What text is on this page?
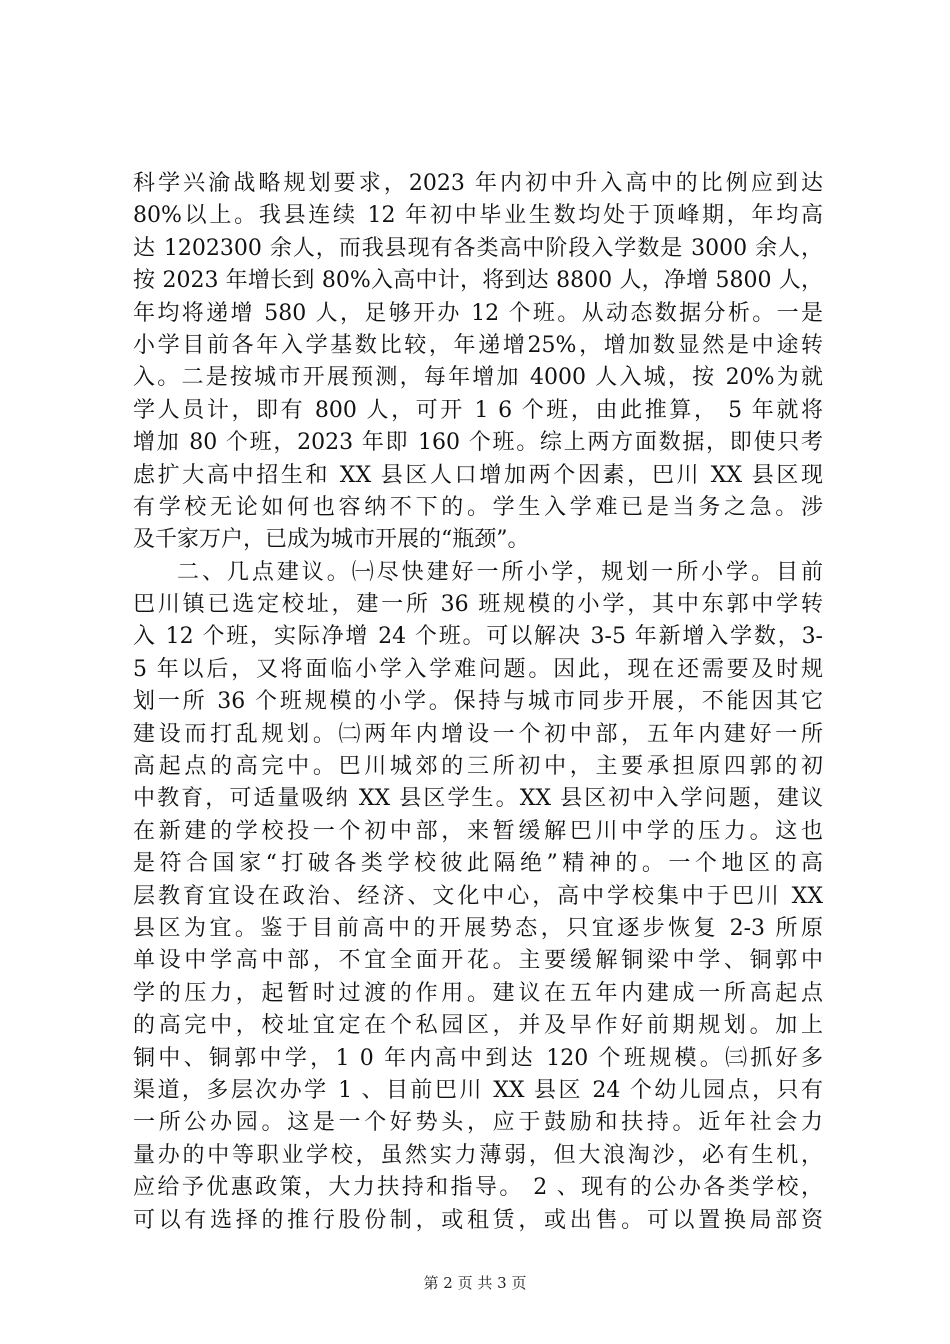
科学兴渝战略规划要求，2023 年内初中升入高中的比例应到达
80%以上。我县连续 12 年初中毕业生数均处于顶峰期，年均高
达 1202300 余人，而我县现有各类高中阶段入学数是 3000 余人，
按 2023 年增长到 80%入高中计，将到达 8800 人，净增 5800 人，
年均将递增 580 人，足够开办 12 个班。从动态数据分析。一是
小学目前各年入学基数比较，年递增25%，增加数显然是中途转
入。二是按城市开展预测，每年增加 4000 人入城，按 20%为就
学人员计，即有 800 人，可开 1 6 个班，由此推算， 5 年就将
增加 80 个班，2023 年即 160 个班。综上两方面数据，即使只考
虑扩大高中招生和 XX 县区人口增加两个因素，巴川 XX 县区现
有学校无论如何也容纳不下的。学生入学难已是当务之急。涉
及千家万户，已成为城市开展的“瓶颈”。
二、几点建议。㈠尽快建好一所小学，规划一所小学。目前
巴川镇已选定校址，建一所 36 班规模的小学，其中东郭中学转
入 12 个班，实际净增 24 个班。可以解决 3-5 年新增入学数，3-
5 年以后，又将面临小学入学难问题。因此，现在还需要及时规
划一所 36 个班规模的小学。保持与城市同步开展，不能因其它
建设而打乱规划。㈡两年内增设一个初中部，五年内建好一所
高起点的高完中。巴川城郊的三所初中，主要承担原四郭的初
中教育，可适量吸纳 XX 县区学生。XX 县区初中入学问题，建议
在新建的学校投一个初中部，来暂缓解巴川中学的压力。这也
是符合国家“打破各类学校彼此隔绝”精神的。一个地区的高
层教育宜设在政治、经济、文化中心，高中学校集中于巴川 XX
县区为宜。鉴于目前高中的开展势态，只宜逐步恢复 2-3 所原
单设中学高中部，不宜全面开花。主要缓解铜梁中学、铜郭中
学的压力，起暂时过渡的作用。建议在五年内建成一所高起点
的高完中，校址宜定在个私园区，并及早作好前期规划。加上
铜中、铜郭中学，1 0 年内高中到达 120 个班规模。㈢抓好多
渠道，多层次办学 1 、目前巴川 XX 县区 24 个幼儿园点，只有
一所公办园。这是一个好势头，应于鼓励和扶持。近年社会力
量办的中等职业学校，虽然实力薄弱，但大浪淘沙，必有生机，
应给予优惠政策，大力扶持和指导。 2 、现有的公办各类学校，
可以有选择的推行股份制，或租赁，或出售。可以置换局部资
第 2 页 共 3 页
